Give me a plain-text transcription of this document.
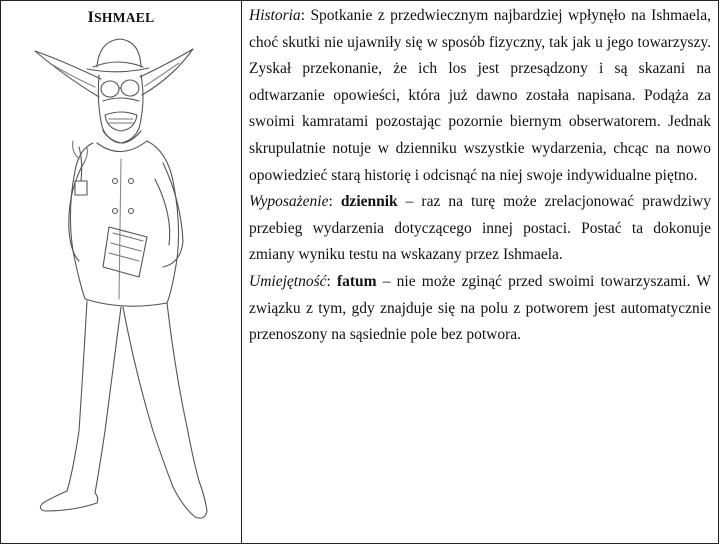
ISHMAEL	Historia: Spotkanie z przedwiecznym najbardziej wpłynęło na Ishmaela, choć skutki nie ujawniły się w sposób fizyczny, tak jak u jego towarzyszy. Zyskał przekonanie, że ich los jest przesądzony i są skazani na odtwarzanie opowieści, która już dawno została napisana. Podąża za swoimi kamratami pozostając pozornie biernym obserwatorem. Jednak skrupulatnie notuje w dzienniku wszystkie wydarzenia, chcąc na nowo opowiedzieć starą historię i odcisnąć na niej swoje indywidualne piętno.

Wyposażenie: dziennik – raz na turę może zrelacjonować prawdziwy przebieg wydarzenia dotyczącego innej postaci. Postać ta dokonuje zmiany wyniku testu na wskazany przez Ishmaela.

Umiejętność: fatum – nie może zginąć przed swoimi towarzyszami. W związku z tym, gdy znajduje się na polu z potworem jest automatycznie przenoszony na sąsiednie pole bez potwora.
